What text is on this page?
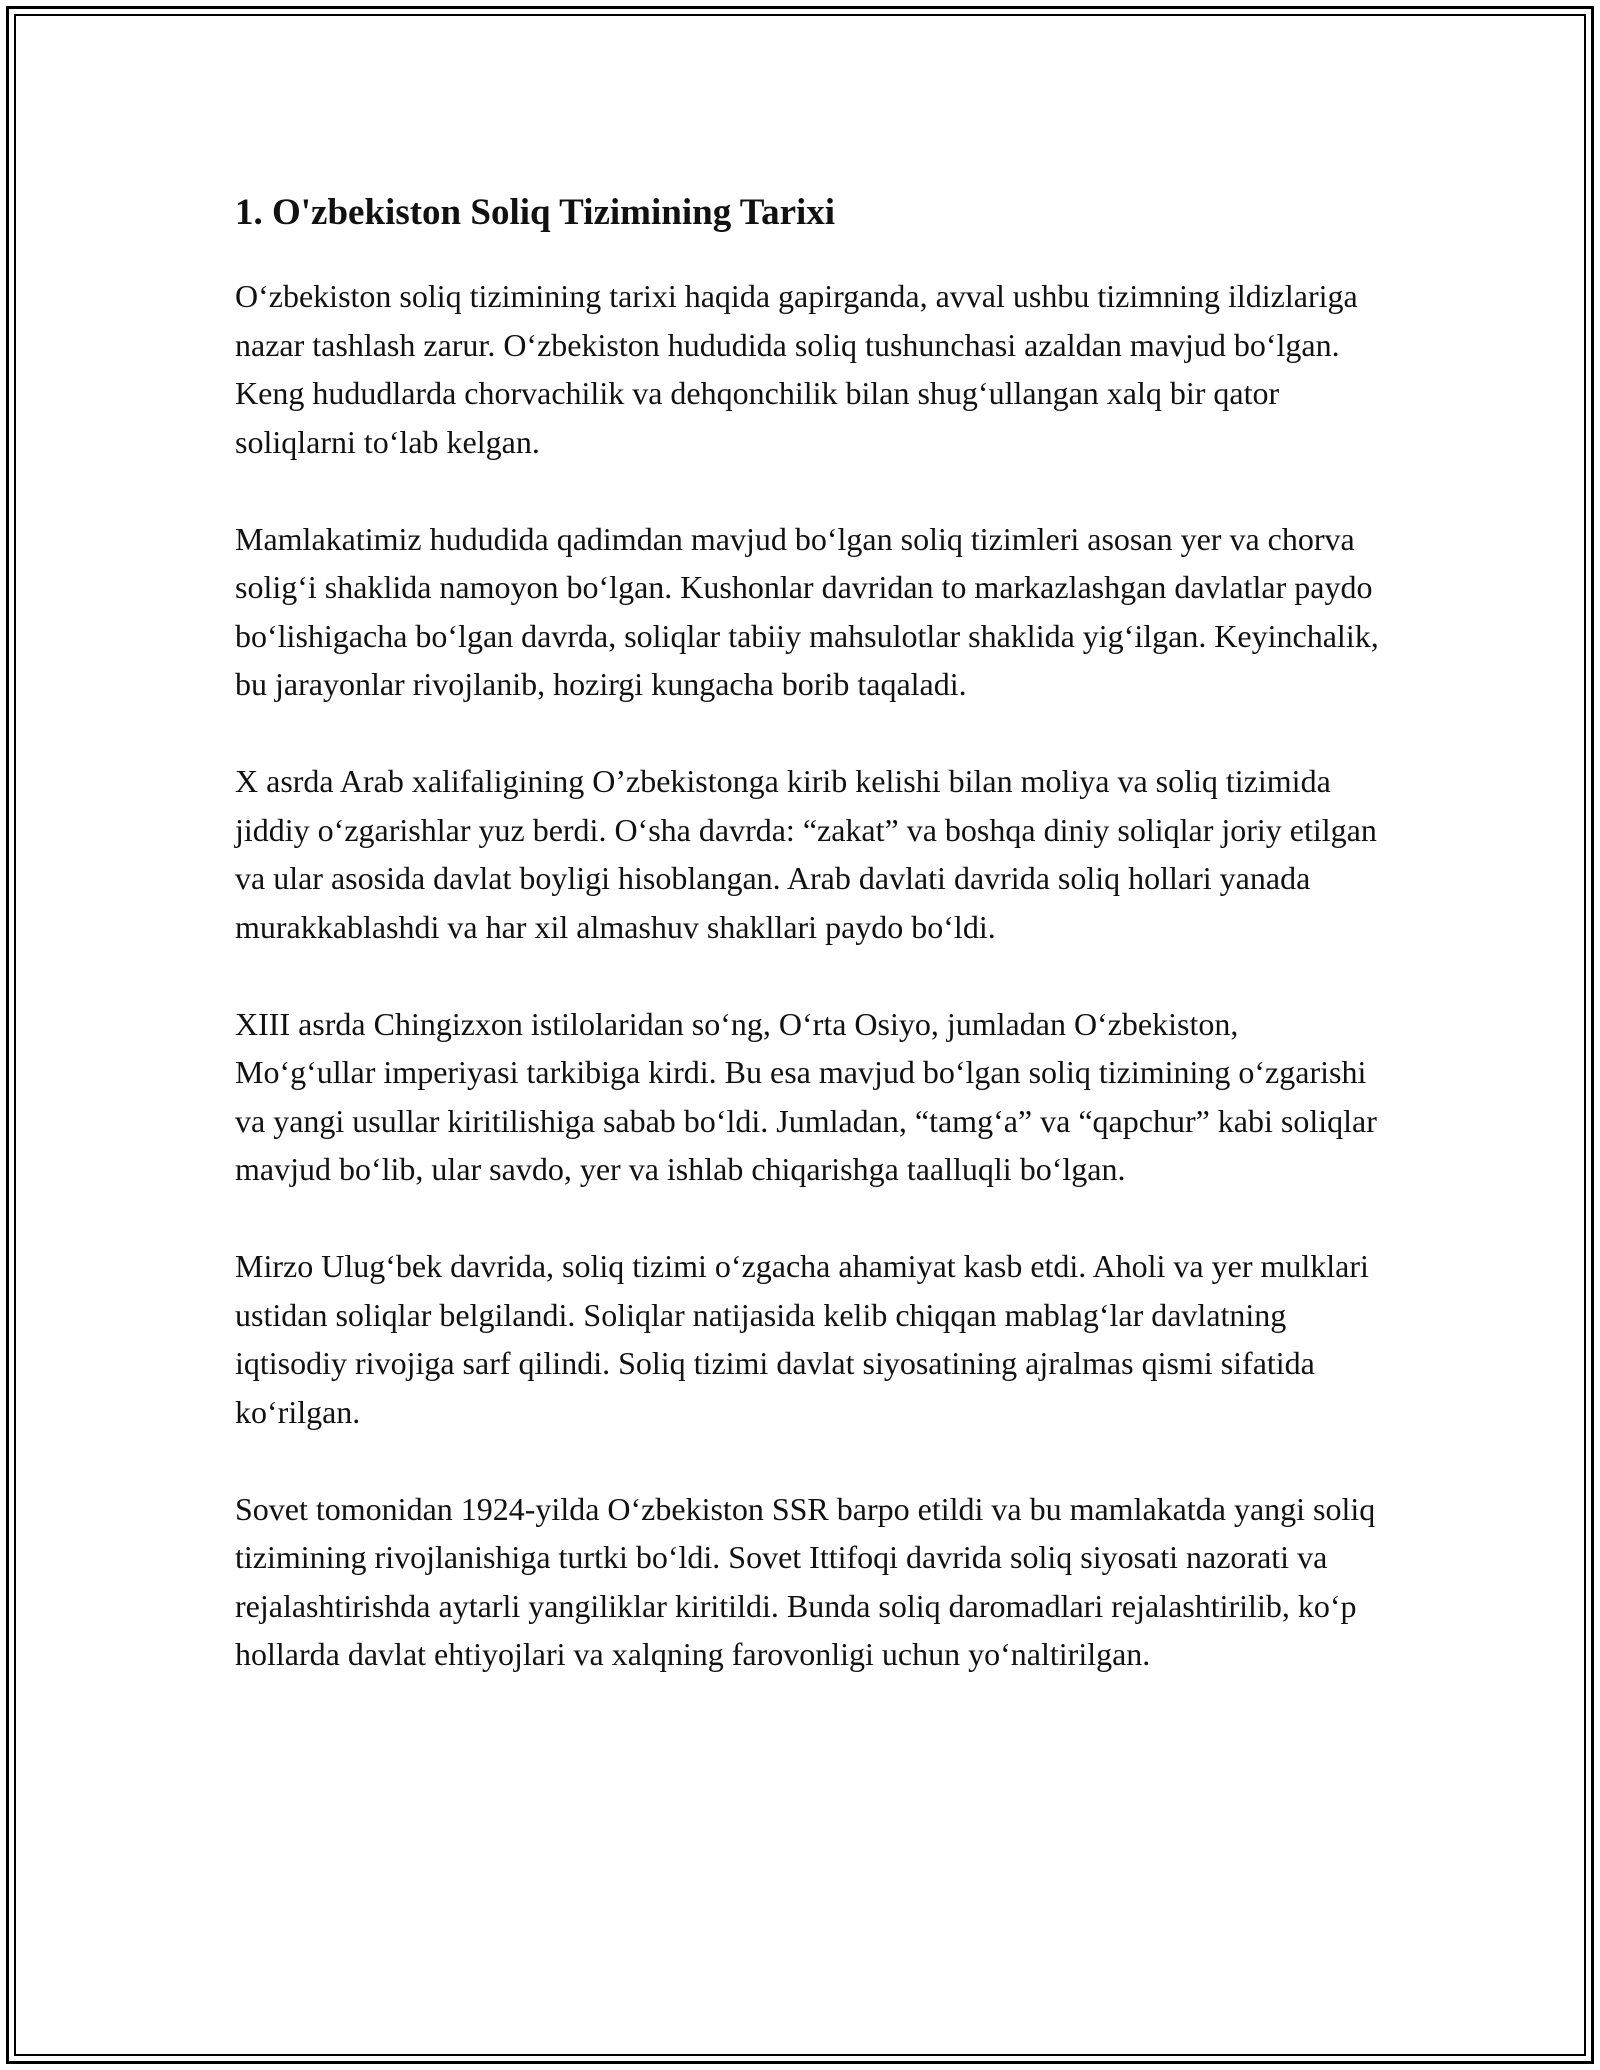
1. O'zbekiston Soliq Tizimining Tarixi

O‘zbekiston soliq tizimining tarixi haqida gapirganda, avval ushbu tizimning ildizlariga nazar tashlash zarur. O‘zbekiston hududida soliq tushunchasi azaldan mavjud bo‘lgan. Keng hududlarda chorvachilik va dehqonchilik bilan shug‘ullangan xalq bir qator soliqlarni to‘lab kelgan.

Mamlakatimiz hududida qadimdan mavjud bo‘lgan soliq tizimleri asosan yer va chorva solig‘i shaklida namoyon bo‘lgan. Kushonlar davridan to markazlashgan davlatlar paydo bo‘lishigacha bo‘lgan davrda, soliqlar tabiiy mahsulotlar shaklida yig‘ilgan. Keyinchalik, bu jarayonlar rivojlanib, hozirgi kungacha borib taqaladi.

X asrda Arab xalifaligining O’zbekistonga kirib kelishi bilan moliya va soliq tizimida jiddiy o‘zgarishlar yuz berdi. O‘sha davrda: “zakat” va boshqa diniy soliqlar joriy etilgan va ular asosida davlat boyligi hisoblangan. Arab davlati davrida soliq hollari yanada murakkablashdi va har xil almashuv shakllari paydo bo‘ldi.

XIII asrda Chingizxon istilolaridan so‘ng, O‘rta Osiyo, jumladan O‘zbekiston, Mo‘g‘ullar imperiyasi tarkibiga kirdi. Bu esa mavjud bo‘lgan soliq tizimining o‘zgarishi va yangi usullar kiritilishiga sabab bo‘ldi. Jumladan, “tamg‘a” va “qapchur” kabi soliqlar mavjud bo‘lib, ular savdo, yer va ishlab chiqarishga taalluqli bo‘lgan.

Mirzo Ulug‘bek davrida, soliq tizimi o‘zgacha ahamiyat kasb etdi. Aholi va yer mulklari ustidan soliqlar belgilandi. Soliqlar natijasida kelib chiqqan mablag‘lar davlatning iqtisodiy rivojiga sarf qilindi. Soliq tizimi davlat siyosatining ajralmas qismi sifatida ko‘rilgan.

Sovet tomonidan 1924-yilda O‘zbekiston SSR barpo etildi va bu mamlakatda yangi soliq tizimining rivojlanishiga turtki bo‘ldi. Sovet Ittifoqi davrida soliq siyosati nazorati va rejalashtirishda aytarli yangiliklar kiritildi. Bunda soliq daromadlari rejalashtirilib, ko‘p hollarda davlat ehtiyojlari va xalqning farovonligi uchun yo‘naltirilgan.
